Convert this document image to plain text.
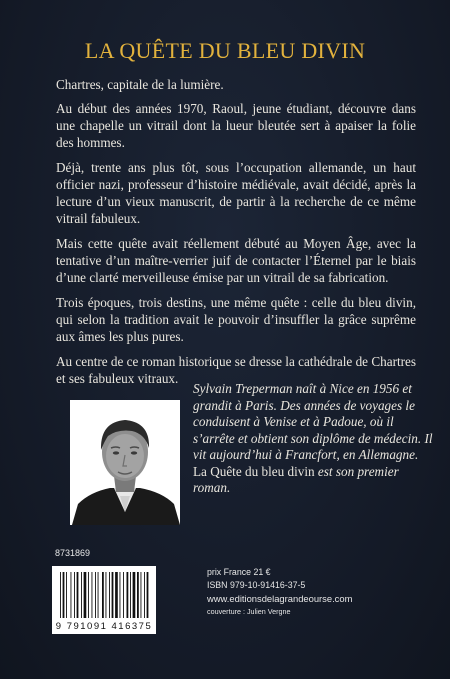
LA QUÊTE DU BLEU DIVIN

Chartres, capitale de la lumière.

Au début des années 1970, Raoul, jeune étudiant, découvre dans une chapelle un vitrail dont la lueur bleutée sert à apaiser la folie des hommes.

Déjà, trente ans plus tôt, sous l’occupation allemande, un haut officier nazi, professeur d’histoire médiévale, avait décidé, après la lecture d’un vieux manuscrit, de partir à la recherche de ce même vitrail fabuleux.

Mais cette quête avait réellement débuté au Moyen Âge, avec la tentative d’un maître-verrier juif de contacter l’Éternel par le biais d’une clarté merveilleuse émise par un vitrail de sa fabrication.

Trois époques, trois destins, une même quête : celle du bleu divin, qui selon la tradition avait le pouvoir d’insuffler la grâce suprême aux âmes les plus pures.

Au centre de ce roman historique se dresse la cathédrale de Chartres et ses fabuleux vitraux.

Sylvain Treperman naît à Nice en 1956 et grandit à Paris. Des années de voyages le conduisent à Venise et à Padoue, où il s’arrête et obtient son diplôme de médecin. Il vit aujourd’hui à Francfort, en Allemagne. La Quête du bleu divin est son premier roman.
8731869
9 791091 416375
prix France 21 €
ISBN 979-10-91416-37-5
www.editionsdelagrandeourse.com
couverture : Julien Vergne
